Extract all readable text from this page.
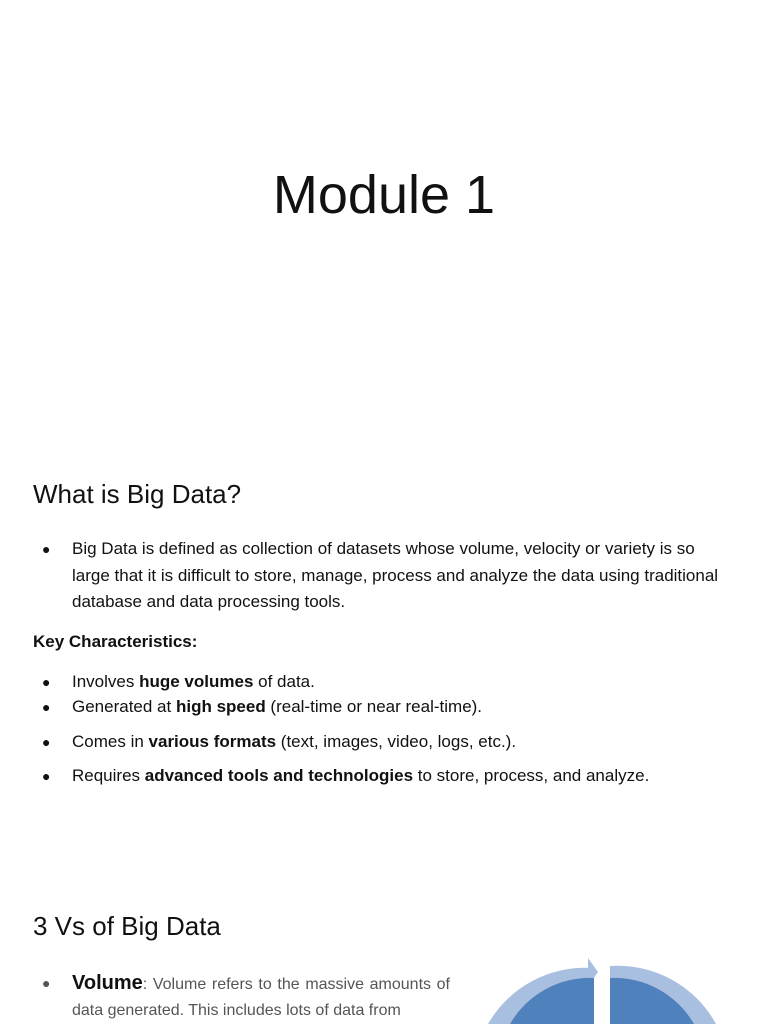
Module 1
What is Big Data?
● Big Data is defined as collection of datasets whose volume, velocity or variety is so large that it is difficult to store, manage, process and analyze the data using traditional database and data processing tools.
Key Characteristics:
● Involves huge volumes of data.
● Generated at high speed (real-time or near real-time).
● Comes in various formats (text, images, video, logs, etc.).
● Requires advanced tools and technologies to store, process, and analyze.
3 Vs of Big Data
● Volume: Volume refers to the massive amounts of data generated. This includes lots of data from
